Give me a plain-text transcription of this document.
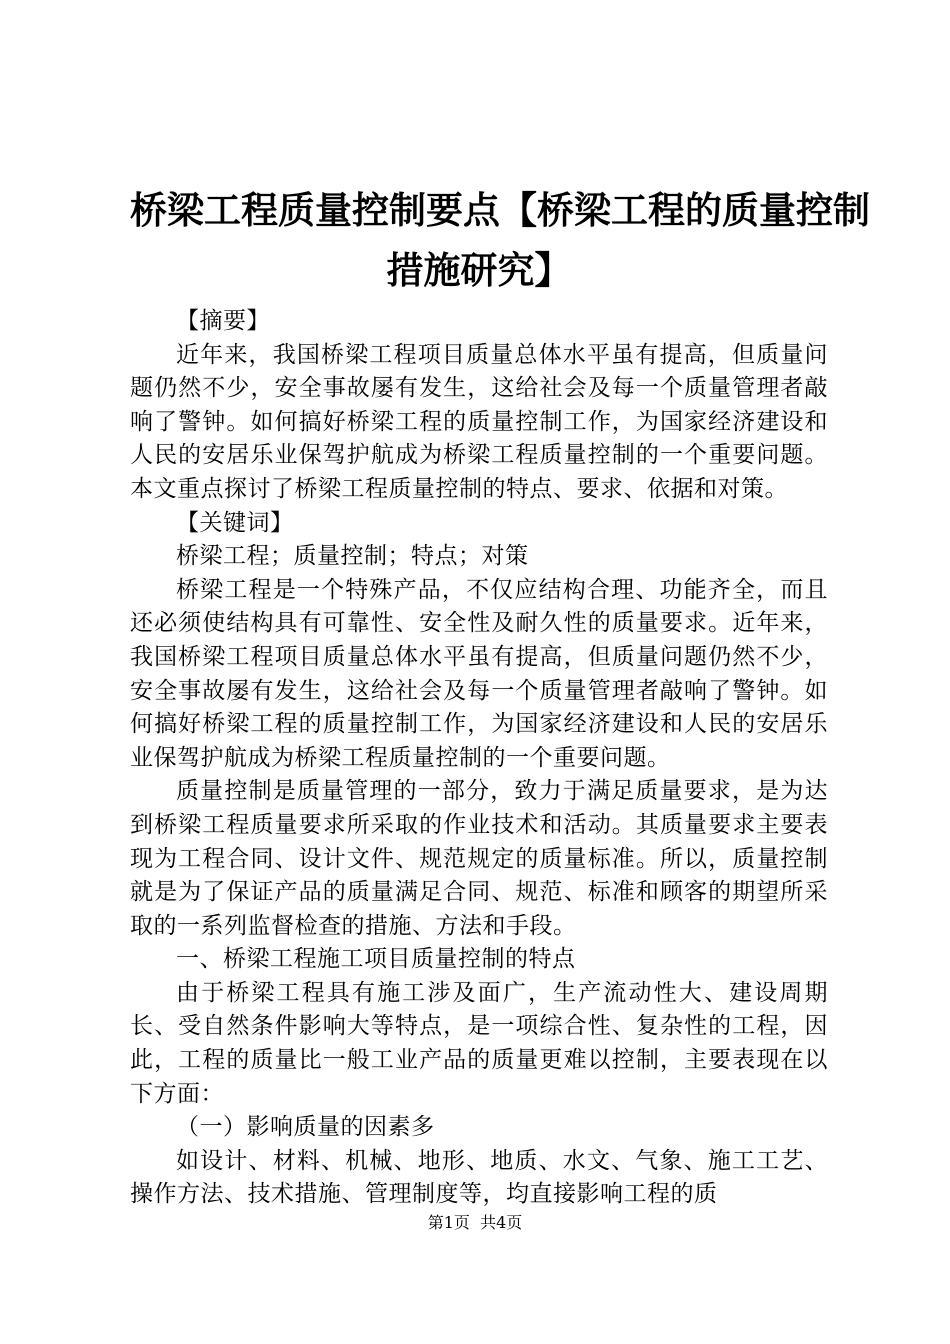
桥梁工程质量控制要点【桥梁工程的质量控制
措施研究】

【摘要】

近年来，我国桥梁工程项目质量总体水平虽有提高，但质量问题仍然不少，安全事故屡有发生，这给社会及每一个质量管理者敲响了警钟。如何搞好桥梁工程的质量控制工作，为国家经济建设和人民的安居乐业保驾护航成为桥梁工程质量控制的一个重要问题。本文重点探讨了桥梁工程质量控制的特点、要求、依据和对策。

【关键词】

桥梁工程；质量控制；特点；对策

桥梁工程是一个特殊产品，不仅应结构合理、功能齐全，而且还必须使结构具有可靠性、安全性及耐久性的质量要求。近年来，我国桥梁工程项目质量总体水平虽有提高，但质量问题仍然不少，安全事故屡有发生，这给社会及每一个质量管理者敲响了警钟。如何搞好桥梁工程的质量控制工作，为国家经济建设和人民的安居乐业保驾护航成为桥梁工程质量控制的一个重要问题。

质量控制是质量管理的一部分，致力于满足质量要求，是为达到桥梁工程质量要求所采取的作业技术和活动。其质量要求主要表现为工程合同、设计文件、规范规定的质量标准。所以，质量控制就是为了保证产品的质量满足合同、规范、标准和顾客的期望所采取的一系列监督检查的措施、方法和手段。

一、桥梁工程施工项目质量控制的特点

由于桥梁工程具有施工涉及面广，生产流动性大、建设周期长、受自然条件影响大等特点，是一项综合性、复杂性的工程，因此，工程的质量比一般工业产品的质量更难以控制，主要表现在以下方面：

（一）影响质量的因素多

如设计、材料、机械、地形、地质、水文、气象、施工工艺、操作方法、技术措施、管理制度等，均直接影响工程的质

第1页  共4页
